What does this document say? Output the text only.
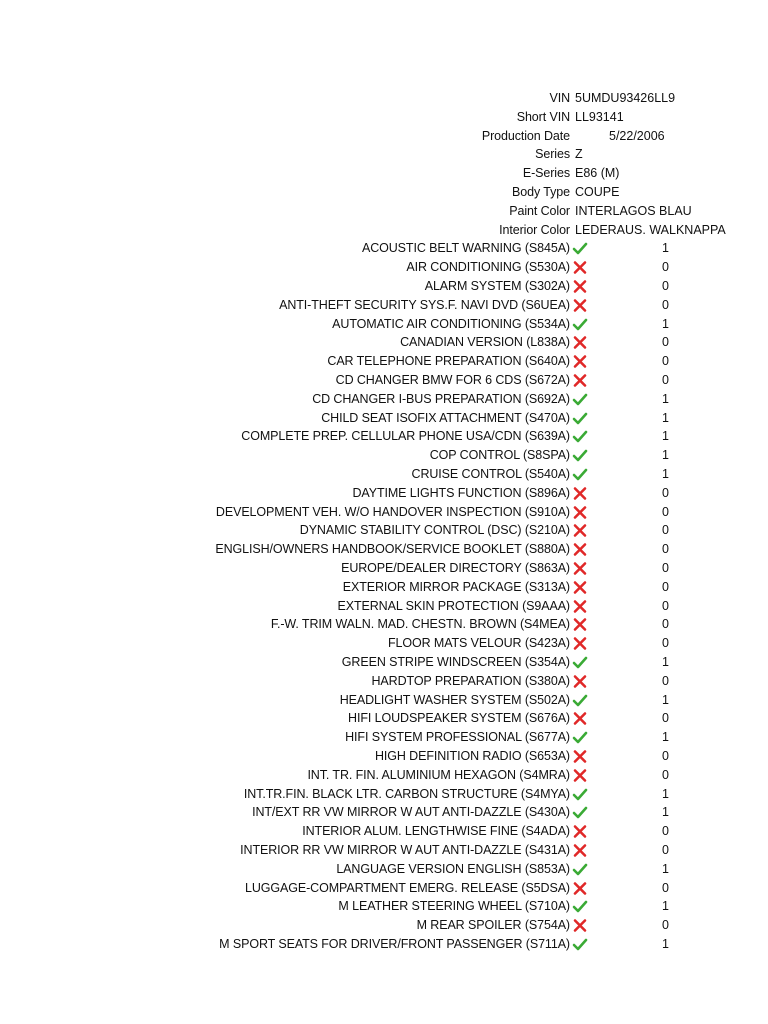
VIN 5UMDU93426LL9
Short VIN LL93141
Production Date	5/22/2006
Series Z
E-Series E86 (M)
Body Type COUPE
Paint Color INTERLAGOS BLAU
Interior Color LEDERAUS. WALKNAPPA
ACOUSTIC BELT WARNING (S845A)	1
AIR CONDITIONING (S530A)	0
ALARM SYSTEM (S302A)	0
ANTI-THEFT SECURITY SYS.F. NAVI DVD (S6UEA)	0
AUTOMATIC AIR CONDITIONING (S534A)	1
CANADIAN VERSION (L838A)	0
CAR TELEPHONE PREPARATION (S640A)	0
CD CHANGER BMW FOR 6 CDS (S672A)	0
CD CHANGER I-BUS PREPARATION (S692A)	1
CHILD SEAT ISOFIX ATTACHMENT (S470A)	1
COMPLETE PREP. CELLULAR PHONE USA/CDN (S639A)	1
COP CONTROL (S8SPA)	1
CRUISE CONTROL (S540A)	1
DAYTIME LIGHTS FUNCTION (S896A)	0
DEVELOPMENT VEH. W/O HANDOVER INSPECTION (S910A)	0
DYNAMIC STABILITY CONTROL (DSC) (S210A)	0
ENGLISH/OWNERS HANDBOOK/SERVICE BOOKLET (S880A)	0
EUROPE/DEALER DIRECTORY (S863A)	0
EXTERIOR MIRROR PACKAGE (S313A)	0
EXTERNAL SKIN PROTECTION (S9AAA)	0
F.-W. TRIM WALN. MAD. CHESTN. BROWN (S4MEA)	0
FLOOR MATS VELOUR (S423A)	0
GREEN STRIPE WINDSCREEN (S354A)	1
HARDTOP PREPARATION (S380A)	0
HEADLIGHT WASHER SYSTEM (S502A)	1
HIFI LOUDSPEAKER SYSTEM (S676A)	0
HIFI SYSTEM PROFESSIONAL (S677A)	1
HIGH DEFINITION RADIO (S653A)	0
INT. TR. FIN. ALUMINIUM HEXAGON (S4MRA)	0
INT.TR.FIN. BLACK LTR. CARBON STRUCTURE (S4MYA)	1
INT/EXT RR VW MIRROR W AUT ANTI-DAZZLE (S430A)	1
INTERIOR ALUM. LENGTHWISE FINE (S4ADA)	0
INTERIOR RR VW MIRROR W AUT ANTI-DAZZLE (S431A)	0
LANGUAGE VERSION ENGLISH (S853A)	1
LUGGAGE-COMPARTMENT EMERG. RELEASE (S5DSA)	0
M LEATHER STEERING WHEEL (S710A)	1
M REAR SPOILER (S754A)	0
M SPORT SEATS FOR DRIVER/FRONT PASSENGER (S711A)	1
